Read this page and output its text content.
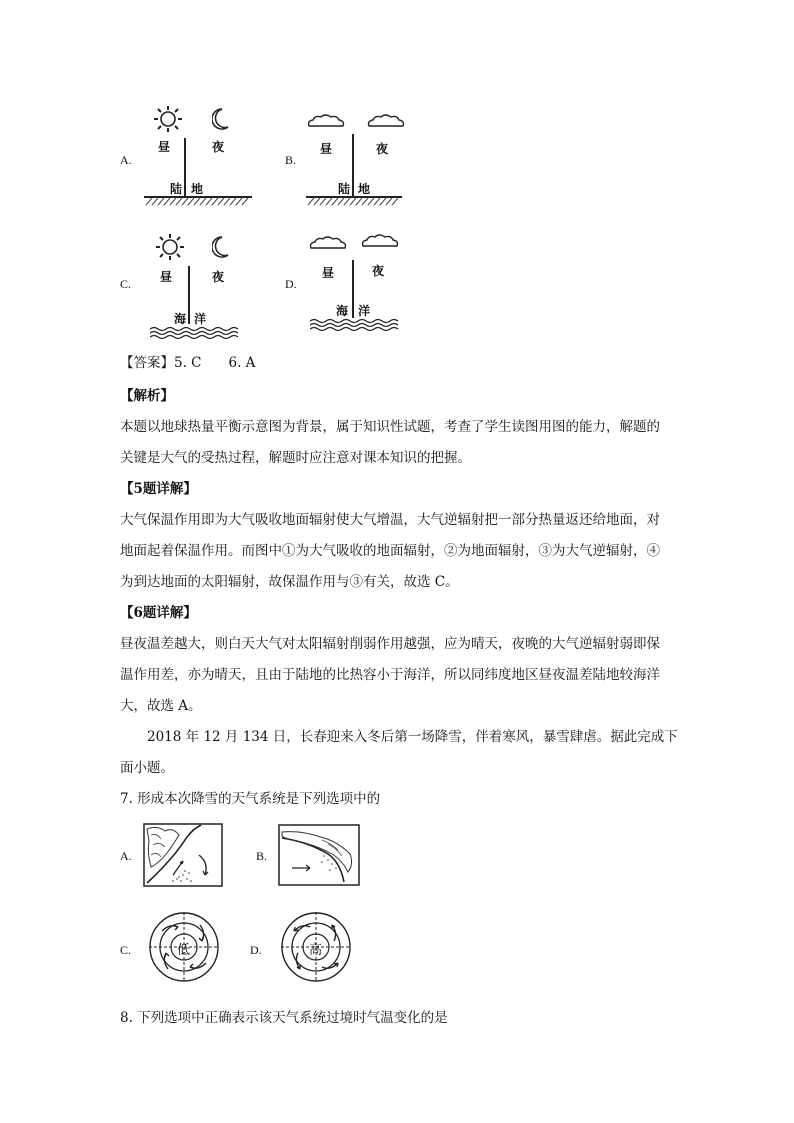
A.
昼	夜
陆 地
B.
昼	夜
陆 地
C. 昼	夜
海 洋
D.
昼	夜
海 洋
【答案】5. C　　6. A
【解析】
本题以地球热量平衡示意图为背景，属于知识性试题，考查了学生读图用图的能力，解题的
关键是大气的受热过程，解题时应注意对课本知识的把握。
【5题详解】
大气保温作用即为大气吸收地面辐射使大气增温，大气逆辐射把一部分热量返还给地面，对
地面起着保温作用。而图中①为大气吸收的地面辐射，②为地面辐射，③为大气逆辐射，④
为到达地面的太阳辐射，故保温作用与③有关，故选 C。
【6题详解】
昼夜温差越大，则白天大气对太阳辐射削弱作用越强，应为晴天，夜晚的大气逆辐射弱即保
温作用差，亦为晴天，且由于陆地的比热容小于海洋，所以同纬度地区昼夜温差陆地较海洋
大，故选 A。
2018 年 12 月 134 日，长春迎来入冬后第一场降雪，伴着寒风，暴雪肆虐。据此完成下
面小题。
7. 形成本次降雪的天气系统是下列选项中的
A.	B.
C.	低	D.	高
8. 下列选项中正确表示该天气系统过境时气温变化的是
